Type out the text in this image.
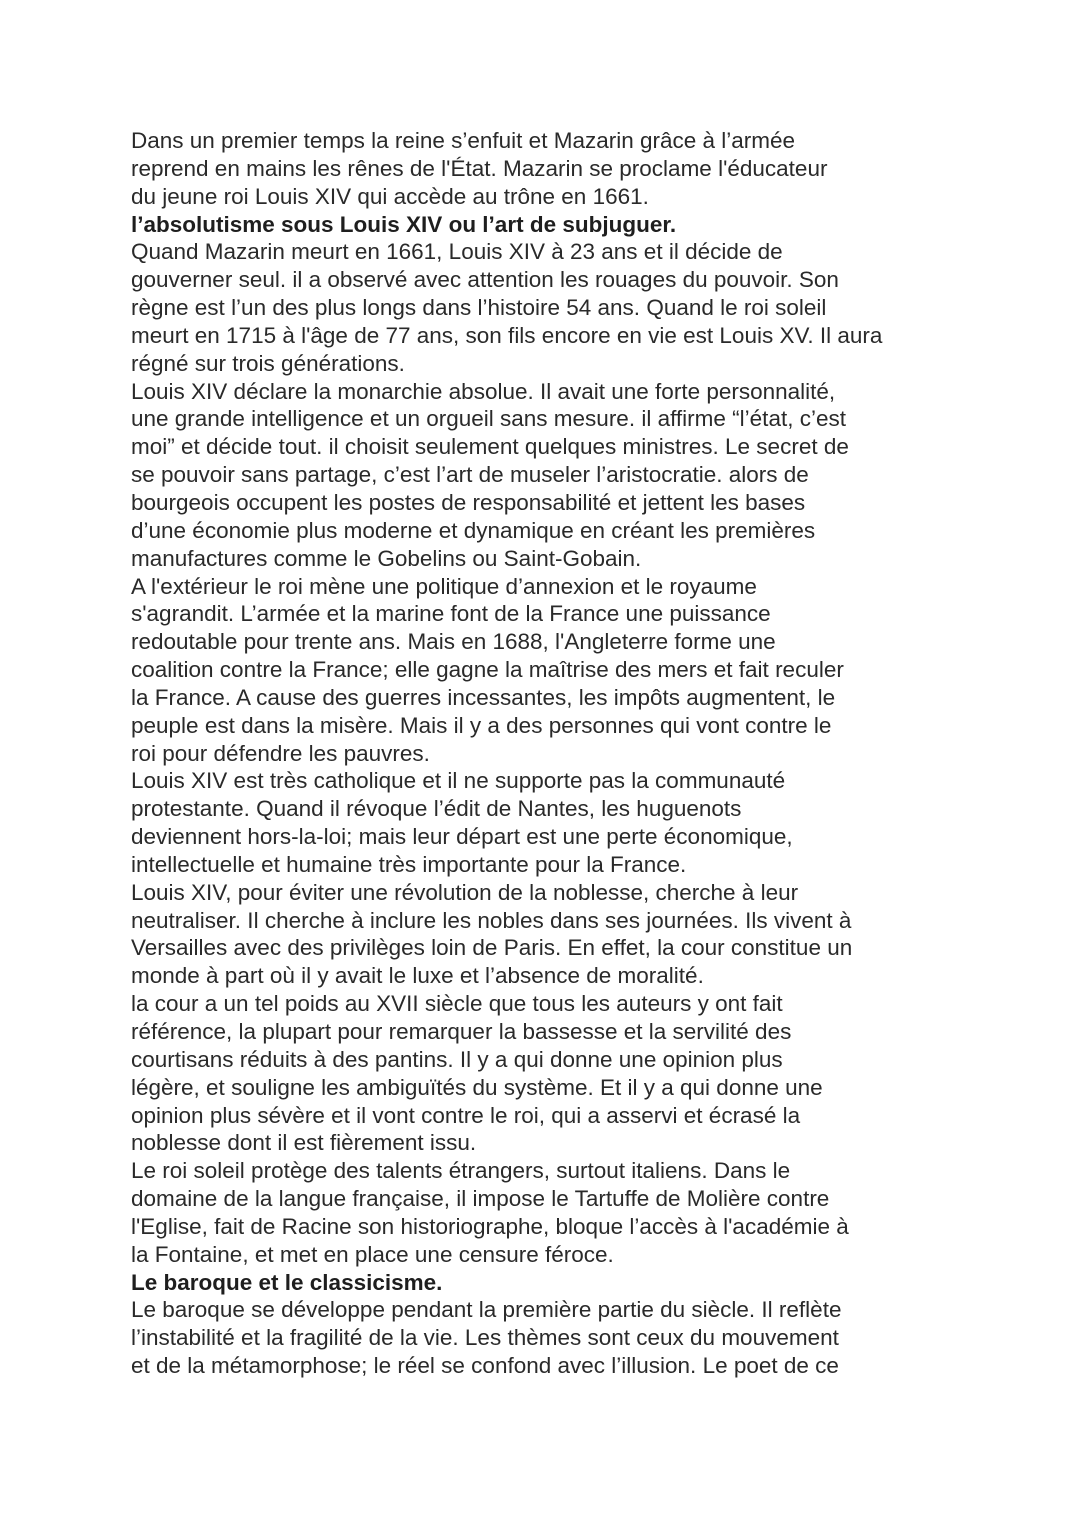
Dans un premier temps la reine s’enfuit et Mazarin grâce à l’armée
reprend en mains les rênes de l'État. Mazarin se proclame l'éducateur
du jeune roi Louis XIV qui accède au trône en 1661.
l’absolutisme sous Louis XIV ou l’art de subjuguer.
Quand Mazarin meurt en 1661, Louis XIV à 23 ans et il décide de
gouverner seul. il a observé avec attention les rouages du pouvoir. Son
règne est l’un des plus longs dans l’histoire 54 ans. Quand le roi soleil
meurt en 1715 à l'âge de 77 ans, son fils encore en vie est Louis XV. Il aura
régné sur trois générations.
Louis XIV déclare la monarchie absolue. Il avait une forte personnalité,
une grande intelligence et un orgueil sans mesure. il affirme “l’état, c’est
moi” et décide tout. il choisit seulement quelques ministres. Le secret de
se pouvoir sans partage, c’est l’art de museler l’aristocratie. alors de
bourgeois occupent les postes de responsabilité et jettent les bases
d’une économie plus moderne et dynamique en créant les premières
manufactures comme le Gobelins ou Saint-Gobain.
A l'extérieur le roi mène une politique d’annexion et le royaume
s'agrandit. L’armée et la marine font de la France une puissance
redoutable pour trente ans. Mais en 1688, l'Angleterre forme une
coalition contre la France; elle gagne la maîtrise des mers et fait reculer
la France. A cause des guerres incessantes, les impôts augmentent, le
peuple est dans la misère. Mais il y a des personnes qui vont contre le
roi pour défendre les pauvres.
Louis XIV est très catholique et il ne supporte pas la communauté
protestante. Quand il révoque l’édit de Nantes, les huguenots
deviennent hors-la-loi; mais leur départ est une perte économique,
intellectuelle et humaine très importante pour la France.
Louis XIV, pour éviter une révolution de la noblesse, cherche à leur
neutraliser. Il cherche à inclure les nobles dans ses journées. Ils vivent à
Versailles avec des privilèges loin de Paris. En effet, la cour constitue un
monde à part où il y avait le luxe et l’absence de moralité.
la cour a un tel poids au XVII siècle que tous les auteurs y ont fait
référence, la plupart pour remarquer la bassesse et la servilité des
courtisans réduits à des pantins. Il y a qui donne une opinion plus
légère, et souligne les ambiguïtés du système. Et il y a qui donne une
opinion plus sévère et il vont contre le roi, qui a asservi et écrasé la
noblesse dont il est fièrement issu.
Le roi soleil protège des talents étrangers, surtout italiens. Dans le
domaine de la langue française, il impose le Tartuffe de Molière contre
l'Eglise, fait de Racine son historiographe, bloque l’accès à l'académie à
la Fontaine, et met en place une censure féroce.
Le baroque et le classicisme.
Le baroque se développe pendant la première partie du siècle. Il reflète
l’instabilité et la fragilité de la vie. Les thèmes sont ceux du mouvement
et de la métamorphose; le réel se confond avec l’illusion. Le poet de ce
